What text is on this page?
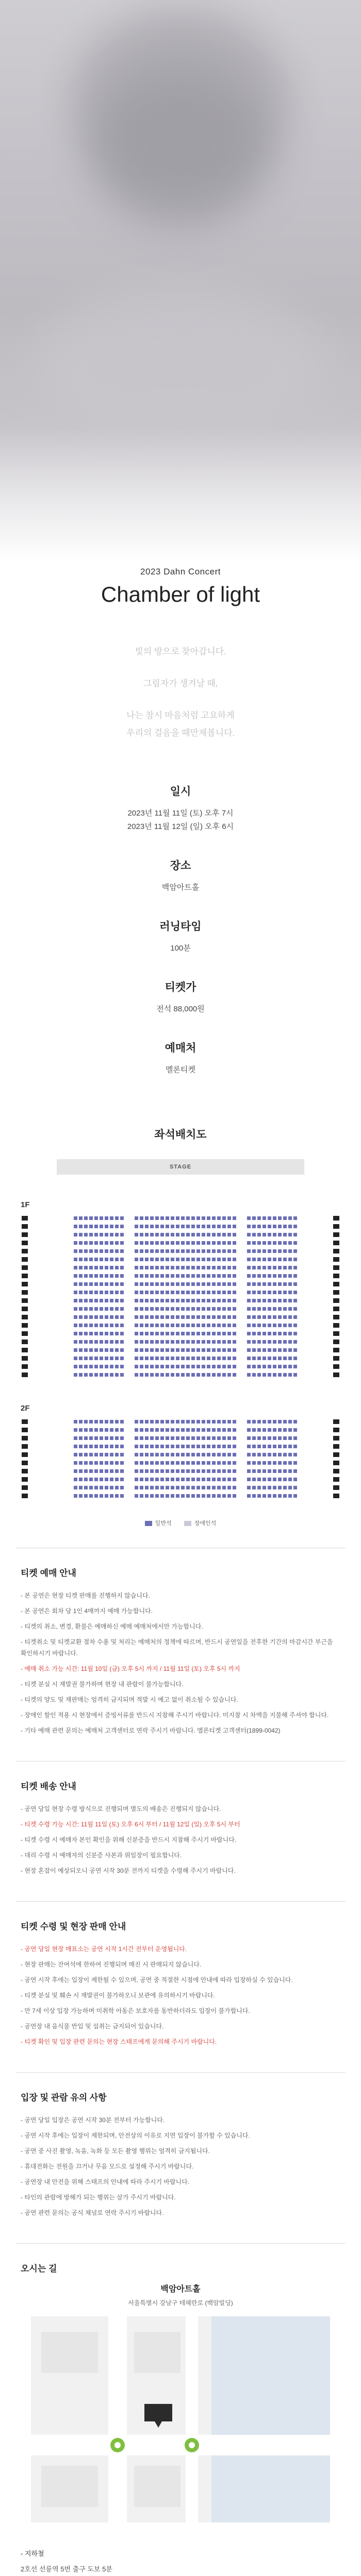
2023 Dahn Concert
Chamber of light
빛의 방으로 찾아갑니다.
그림자가 생겨날 때,
나는 참시 마음처럼 고요하게
우리의 걸음을 때만제봅니다.
일시
2023년 11월 11일 (토) 오후 7시
2023년 11월 12일 (일) 오후 6시
장소
백암아트홀
러닝타임
100분
티켓가
전석 88,000원
예매처
멜론티켓
좌석배치도
STAGE
1F
2F
일반석	장애인석
티켓 예매 안내
- 본 공연은 현장 티켓 판매를 진행하지 않습니다.
- 본 공연은 회차 당 1인 4매까지 예매 가능합니다.
- 티켓의 취소, 변경, 환불은 예매하신 예매 예매처에서만 가능합니다.
- 티켓취소 및 티켓교환 절차 수용 및 처리는 예매처의 정책에 따르며, 반드시 공연일을 전후한 기간의 마감시간 부근을 확인하시기 바랍니다.
- 예매 취소 가능 시간: 11월 10일 (금) 오후 5시 까지 / 11월 11일 (토) 오후 5시 까지
- 티켓 분실 시 재발권 불가하며 현장 내 관람이 불가능합니다.
- 티켓의 양도 및 재판매는 엄격히 금지되며 적발 시 예고 없이 취소될 수 있습니다.
- 장애인 할인 적용 시 현장에서 증빙서류를 반드시 지참해 주시기 바랍니다. 미지참 시 차액을 지불해 주셔야 합니다.
- 기타 예매 관련 문의는 예매처 고객센터로 연락 주시기 바랍니다. 멜론티켓 고객센터(1899-0042)
티켓 배송 안내
- 공연 당일 현장 수령 방식으로 진행되며 별도의 배송은 진행되지 않습니다.
- 티켓 수령 가능 시간: 11월 11일 (토) 오후 6시 부터 / 11월 12일 (일) 오후 5시 부터
- 티켓 수령 시 예매자 본인 확인을 위해 신분증을 반드시 지참해 주시기 바랍니다.
- 대리 수령 시 예매자의 신분증 사본과 위임장이 필요합니다.
- 현장 혼잡이 예상되오니 공연 시작 30분 전까지 티켓을 수령해 주시기 바랍니다.
티켓 수령 및 현장 판매 안내
- 공연 당일 현장 매표소는 공연 시작 1시간 전부터 운영됩니다.
- 현장 판매는 잔여석에 한하여 진행되며 매진 시 판매되지 않습니다.
- 공연 시작 후에는 입장이 제한될 수 있으며, 공연 중 적절한 시점에 안내에 따라 입장하실 수 있습니다.
- 티켓 분실 및 훼손 시 재발권이 불가하오니 보관에 유의하시기 바랍니다.
- 만 7세 이상 입장 가능하며 미취학 아동은 보호자를 동반하더라도 입장이 불가합니다.
- 공연장 내 음식물 반입 및 섭취는 금지되어 있습니다.
- 티켓 확인 및 입장 관련 문의는 현장 스태프에게 문의해 주시기 바랍니다.
입장 및 관람 유의 사항
- 공연 당일 입장은 공연 시작 30분 전부터 가능합니다.
- 공연 시작 후에는 입장이 제한되며, 안전상의 이유로 지연 입장이 불가할 수 있습니다.
- 공연 중 사진 촬영, 녹음, 녹화 등 모든 촬영 행위는 엄격히 금지됩니다.
- 휴대전화는 전원을 끄거나 무음 모드로 설정해 주시기 바랍니다.
- 공연장 내 안전을 위해 스태프의 안내에 따라 주시기 바랍니다.
- 타인의 관람에 방해가 되는 행위는 삼가 주시기 바랍니다.
- 공연 관련 문의는 공식 채널로 연락 주시기 바랍니다.
오시는 길
백암아트홀
서울특별시 강남구 테헤란로 (백암빌딩)
- 지하철
2호선 선릉역 5번 출구 도보 5분
